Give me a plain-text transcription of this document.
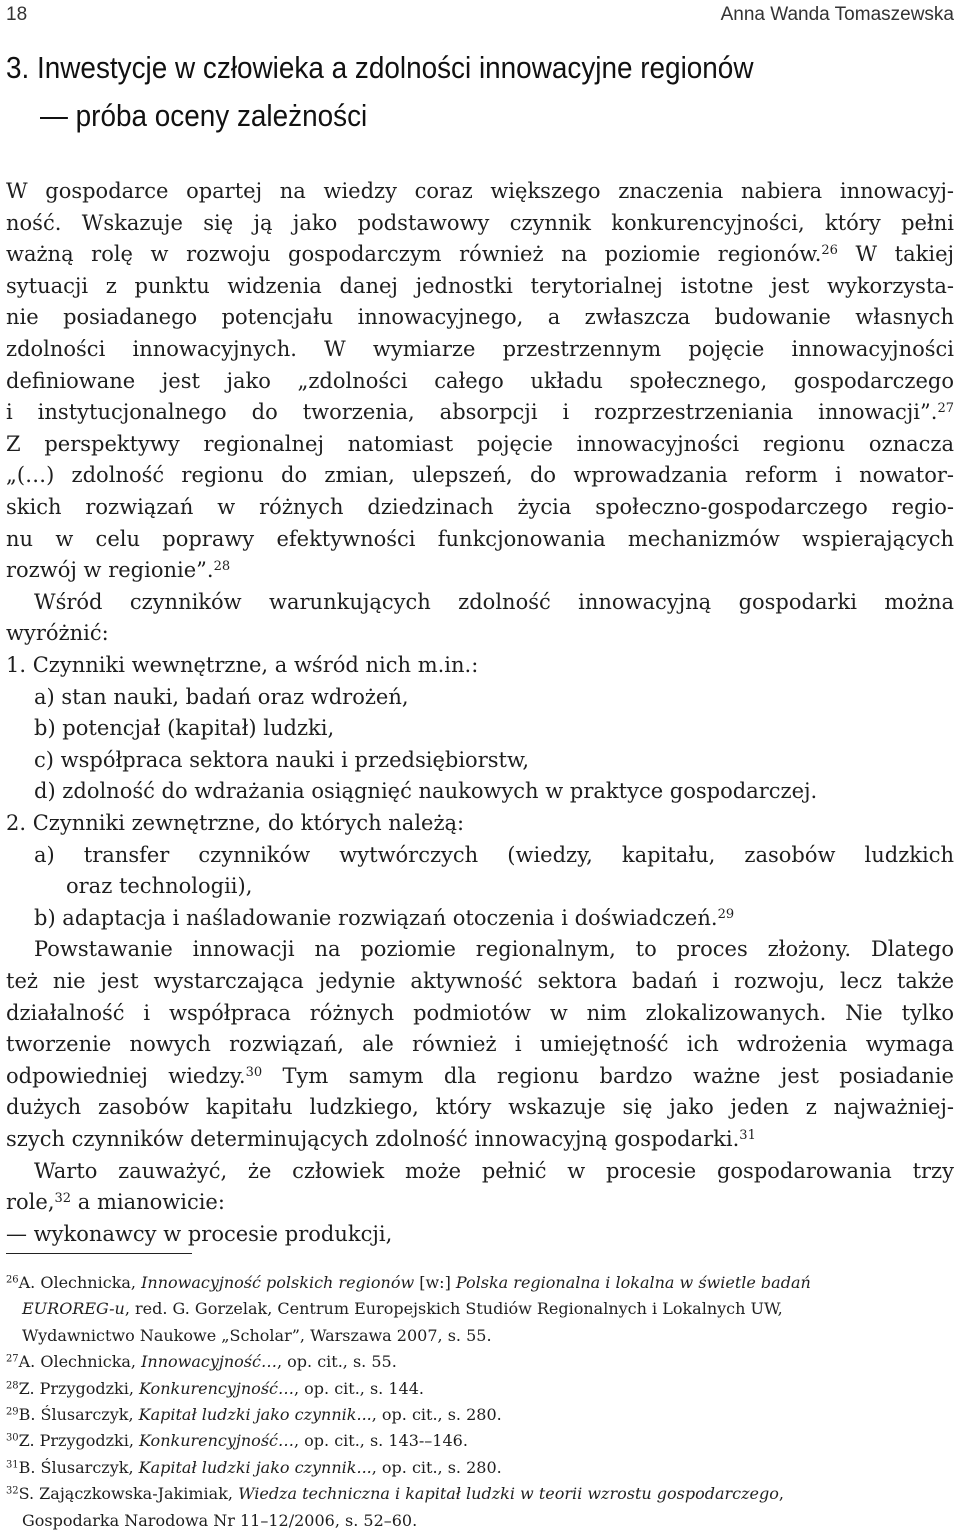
18	Anna Wanda Tomaszewska
3. Inwestycje w człowieka a zdolności innowacyjne regionów
— próba oceny zależności
W gospodarce opartej na wiedzy coraz większego znaczenia nabiera innowacyj-
ność. Wskazuje się ją jako podstawowy czynnik konkurencyjności, który pełni
ważną rolę w rozwoju gospodarczym również na poziomie regionów.$^{26}$ W takiej
sytuacji z punktu widzenia danej jednostki terytorialnej istotne jest wykorzysta-
nie posiadanego potencjału innowacyjnego, a zwłaszcza budowanie własnych
zdolności innowacyjnych. W wymiarze przestrzennym pojęcie innowacyjności
definiowane jest jako „zdolności całego układu społecznego, gospodarczego
i instytucjonalnego do tworzenia, absorpcji i rozprzestrzeniania innowacji”.$^{27}$
Z perspektywy regionalnej natomiast pojęcie innowacyjności regionu oznacza
„(…) zdolność regionu do zmian, ulepszeń, do wprowadzania reform i nowator-
skich rozwiązań w różnych dziedzinach życia społeczno-gospodarczego regio-
nu w celu poprawy efektywności funkcjonowania mechanizmów wspierających
rozwój w regionie”.$^{28}$
Wśród czynników warunkujących zdolność innowacyjną gospodarki można
wyróżnić:
1. Czynniki wewnętrzne, a wśród nich m.in.:
a) stan nauki, badań oraz wdrożeń,
b) potencjał (kapitał) ludzki,
c) współpraca sektora nauki i przedsiębiorstw,
d) zdolność do wdrażania osiągnięć naukowych w praktyce gospodarczej.
2. Czynniki zewnętrzne, do których należą:
a) transfer czynników wytwórczych (wiedzy, kapitału, zasobów ludzkich
oraz technologii),
b) adaptacja i naśladowanie rozwiązań otoczenia i doświadczeń.$^{29}$
Powstawanie innowacji na poziomie regionalnym, to proces złożony. Dlatego
też nie jest wystarczająca jedynie aktywność sektora badań i rozwoju, lecz także
działalność i współpraca różnych podmiotów w nim zlokalizowanych. Nie tylko
tworzenie nowych rozwiązań, ale również i umiejętność ich wdrożenia wymaga
odpowiedniej wiedzy.$^{30}$ Tym samym dla regionu bardzo ważne jest posiadanie
dużych zasobów kapitału ludzkiego, który wskazuje się jako jeden z najważniej-
szych czynników determinujących zdolność innowacyjną gospodarki.$^{31}$
Warto zauważyć, że człowiek może pełnić w procesie gospodarowania trzy
role,$^{32}$ a mianowicie:
— wykonawcy w procesie produkcji,
$^{26}$A. Olechnicka, Innowacyjność polskich regionów [w:] Polska regionalna i lokalna w świetle badań
EUROREG-u, red. G. Gorzelak, Centrum Europejskich Studiów Regionalnych i Lokalnych UW,
Wydawnictwo Naukowe „Scholar”, Warszawa 2007, s. 55.
$^{27}$A. Olechnicka, Innowacyjność…, op. cit., s. 55.
$^{28}$Z. Przygodzki, Konkurencyjność…, op. cit., s. 144.
$^{29}$B. Ślusarczyk, Kapitał ludzki jako czynnik..., op. cit., s. 280.
$^{30}$Z. Przygodzki, Konkurencyjność…, op. cit., s. 143-–146.
$^{31}$B. Ślusarczyk, Kapitał ludzki jako czynnik..., op. cit., s. 280.
$^{32}$S. Zajączkowska-Jakimiak, Wiedza techniczna i kapitał ludzki w teorii wzrostu gospodarczego,
Gospodarka Narodowa Nr 11–12/2006, s. 52–60.
